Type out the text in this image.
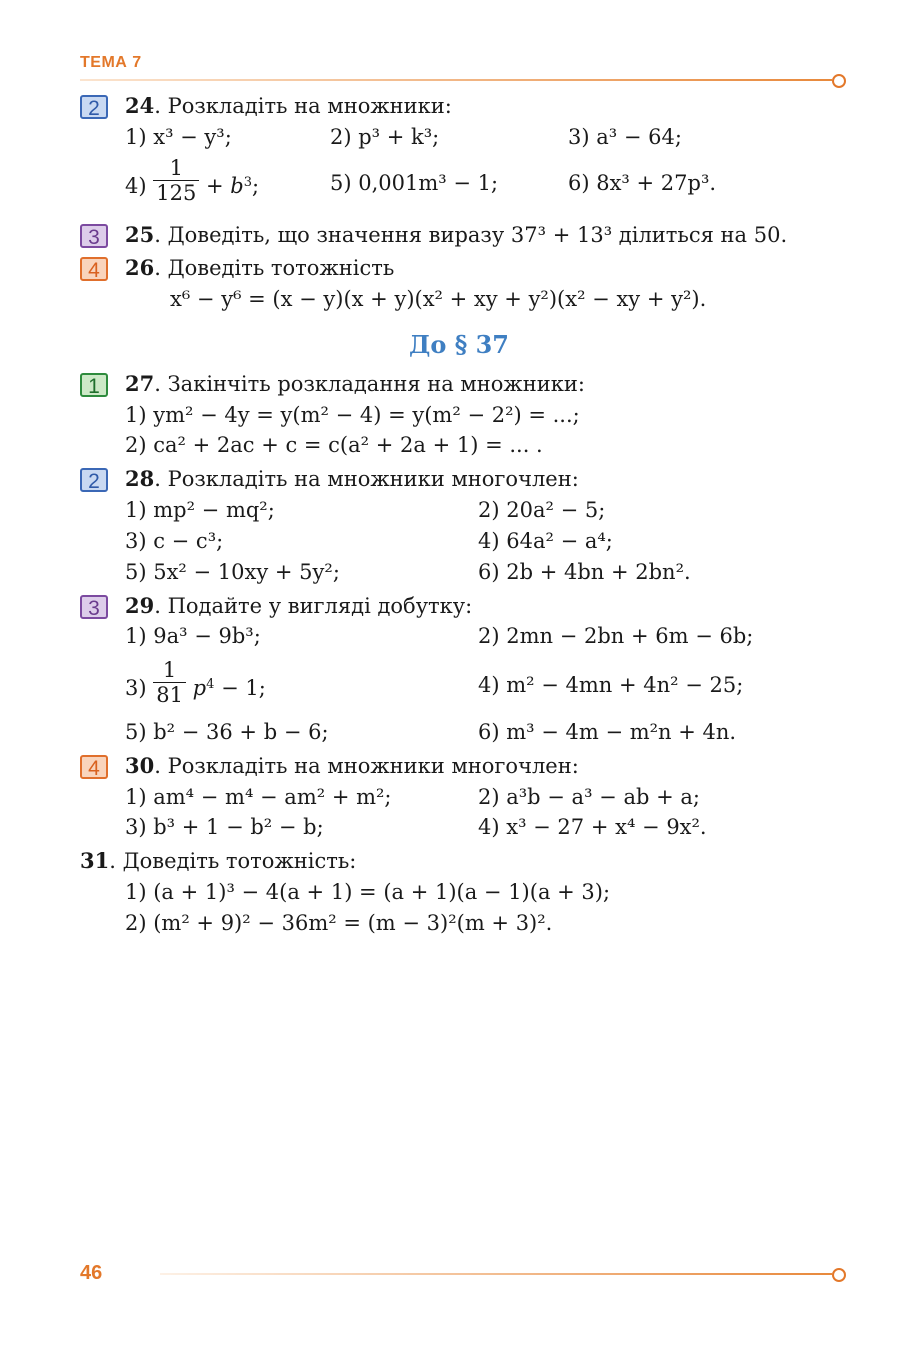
ТЕМА 7
2	24. Розкладіть на множники:
1) x³ − y³;	2) p³ + k³;	3) a³ − 64;
$4) \frac{1}{125} + b^3$;	5) 0,001m³ − 1;	6) 8x³ + 27p³.
3	25. Доведіть, що значення виразу 37³ + 13³ ділиться на 50.
4	26. Доведіть тотожність
x⁶ − y⁶ = (x − y)(x + y)(x² + xy + y²)(x² − xy + y²).
До § 37
1	27. Закінчіть розкладання на множники:
1) ym² − 4y = y(m² − 4) = y(m² − 2²) = ...;
2) ca² + 2ac + c = c(a² + 2a + 1) = ... .
2	28. Розкладіть на множники многочлен:
1) mp² − mq²;	2) 20a² − 5;
3) c − c³;	4) 64a² − a⁴;
5) 5x² − 10xy + 5y²;	6) 2b + 4bn + 2bn².
3	29. Подайте у вигляді добутку:
1) 9a³ − 9b³;	2) 2mn − 2bn + 6m − 6b;
$3) \frac{1}{81} p^4 - 1$;	4) m² − 4mn + 4n² − 25;
5) b² − 36 + b − 6;	6) m³ − 4m − m²n + 4n.
4	30. Розкладіть на множники многочлен:
1) am⁴ − m⁴ − am² + m²;	2) a³b − a³ − ab + a;
3) b³ + 1 − b² − b;	4) x³ − 27 + x⁴ − 9x².
31. Доведіть тотожність:
1) (a + 1)³ − 4(a + 1) = (a + 1)(a − 1)(a + 3);
2) (m² + 9)² − 36m² = (m − 3)²(m + 3)².
46
